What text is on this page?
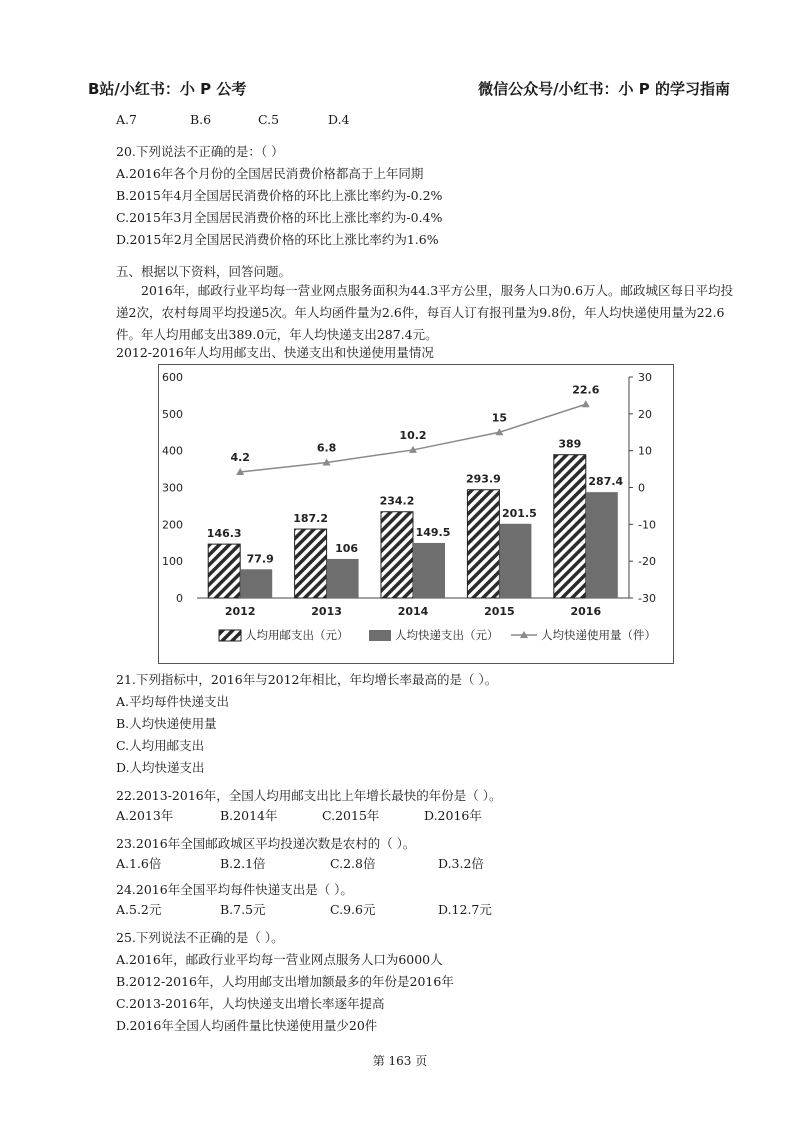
B站/小红书：小 P 公考	微信公众号/小红书：小 P 的学习指南
A.7	B.6	C.5	D.4
20.下列说法不正确的是：（ ）
A.2016年各个月份的全国居民消费价格都高于上年同期
B.2015年4月全国居民消费价格的环比上涨比率约为-0.2%
C.2015年3月全国居民消费价格的环比上涨比率约为-0.4%
D.2015年2月全国居民消费价格的环比上涨比率约为1.6%
五、根据以下资料，回答问题。
2016年，邮政行业平均每一营业网点服务面积为44.3平方公里，服务人口为0.6万人。邮政城区每日平均投递2次，农村每周平均投递5次。年人均函件量为2.6件，每百人订有报刊量为9.8份，年人均快递使用量为22.6件。年人均用邮支出389.0元，年人均快递支出287.4元。
2012-2016年人均用邮支出、快递支出和快递使用量情况
0
100
200
300
400
500
600
-30
-20
-10
0
10
20
30
2012	2013	2014	2015	2016
146.3
77.9
187.2
106
234.2
149.5
293.9
201.5
389
287.4
4.2
6.8
10.2
15
22.6
人均用邮支出（元）	人均快递支出（元）	人均快递使用量（件）
21.下列指标中，2016年与2012年相比，年均增长率最高的是（ ）。
A.平均每件快递支出
B.人均快递使用量
C.人均用邮支出
D.人均快递支出
22.2013-2016年，全国人均用邮支出比上年增长最快的年份是（ ）。
A.2013年	B.2014年	C.2015年	D.2016年
23.2016年全国邮政城区平均投递次数是农村的（ ）。
A.1.6倍	B.2.1倍	C.2.8倍	D.3.2倍
24.2016年全国平均每件快递支出是（ ）。
A.5.2元	B.7.5元	C.9.6元	D.12.7元
25.下列说法不正确的是（ ）。
A.2016年，邮政行业平均每一营业网点服务人口为6000人
B.2012-2016年，人均用邮支出增加额最多的年份是2016年
C.2013-2016年，人均快递支出增长率逐年提高
D.2016年全国人均函件量比快递使用量少20件
第 163 页
